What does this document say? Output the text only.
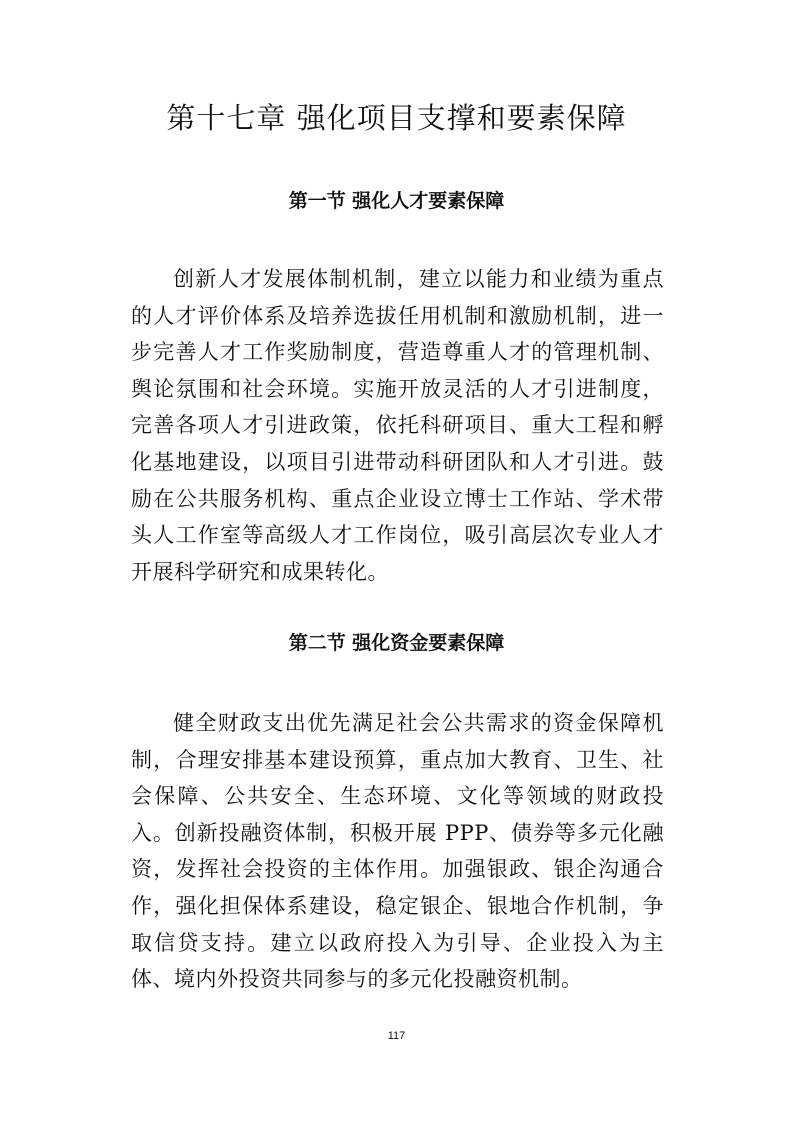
第十七章 强化项目支撑和要素保障
第一节 强化人才要素保障

创新人才发展体制机制，建立以能力和业绩为重点的人才评价体系及培养选拔任用机制和激励机制，进一步完善人才工作奖励制度，营造尊重人才的管理机制、舆论氛围和社会环境。实施开放灵活的人才引进制度，完善各项人才引进政策，依托科研项目、重大工程和孵化基地建设，以项目引进带动科研团队和人才引进。鼓励在公共服务机构、重点企业设立博士工作站、学术带头人工作室等高级人才工作岗位，吸引高层次专业人才开展科学研究和成果转化。

第二节 强化资金要素保障

健全财政支出优先满足社会公共需求的资金保障机制，合理安排基本建设预算，重点加大教育、卫生、社会保障、公共安全、生态环境、文化等领域的财政投入。创新投融资体制，积极开展 PPP、债券等多元化融资，发挥社会投资的主体作用。加强银政、银企沟通合作，强化担保体系建设，稳定银企、银地合作机制，争取信贷支持。建立以政府投入为引导、企业投入为主体、境内外投资共同参与的多元化投融资机制。

117
